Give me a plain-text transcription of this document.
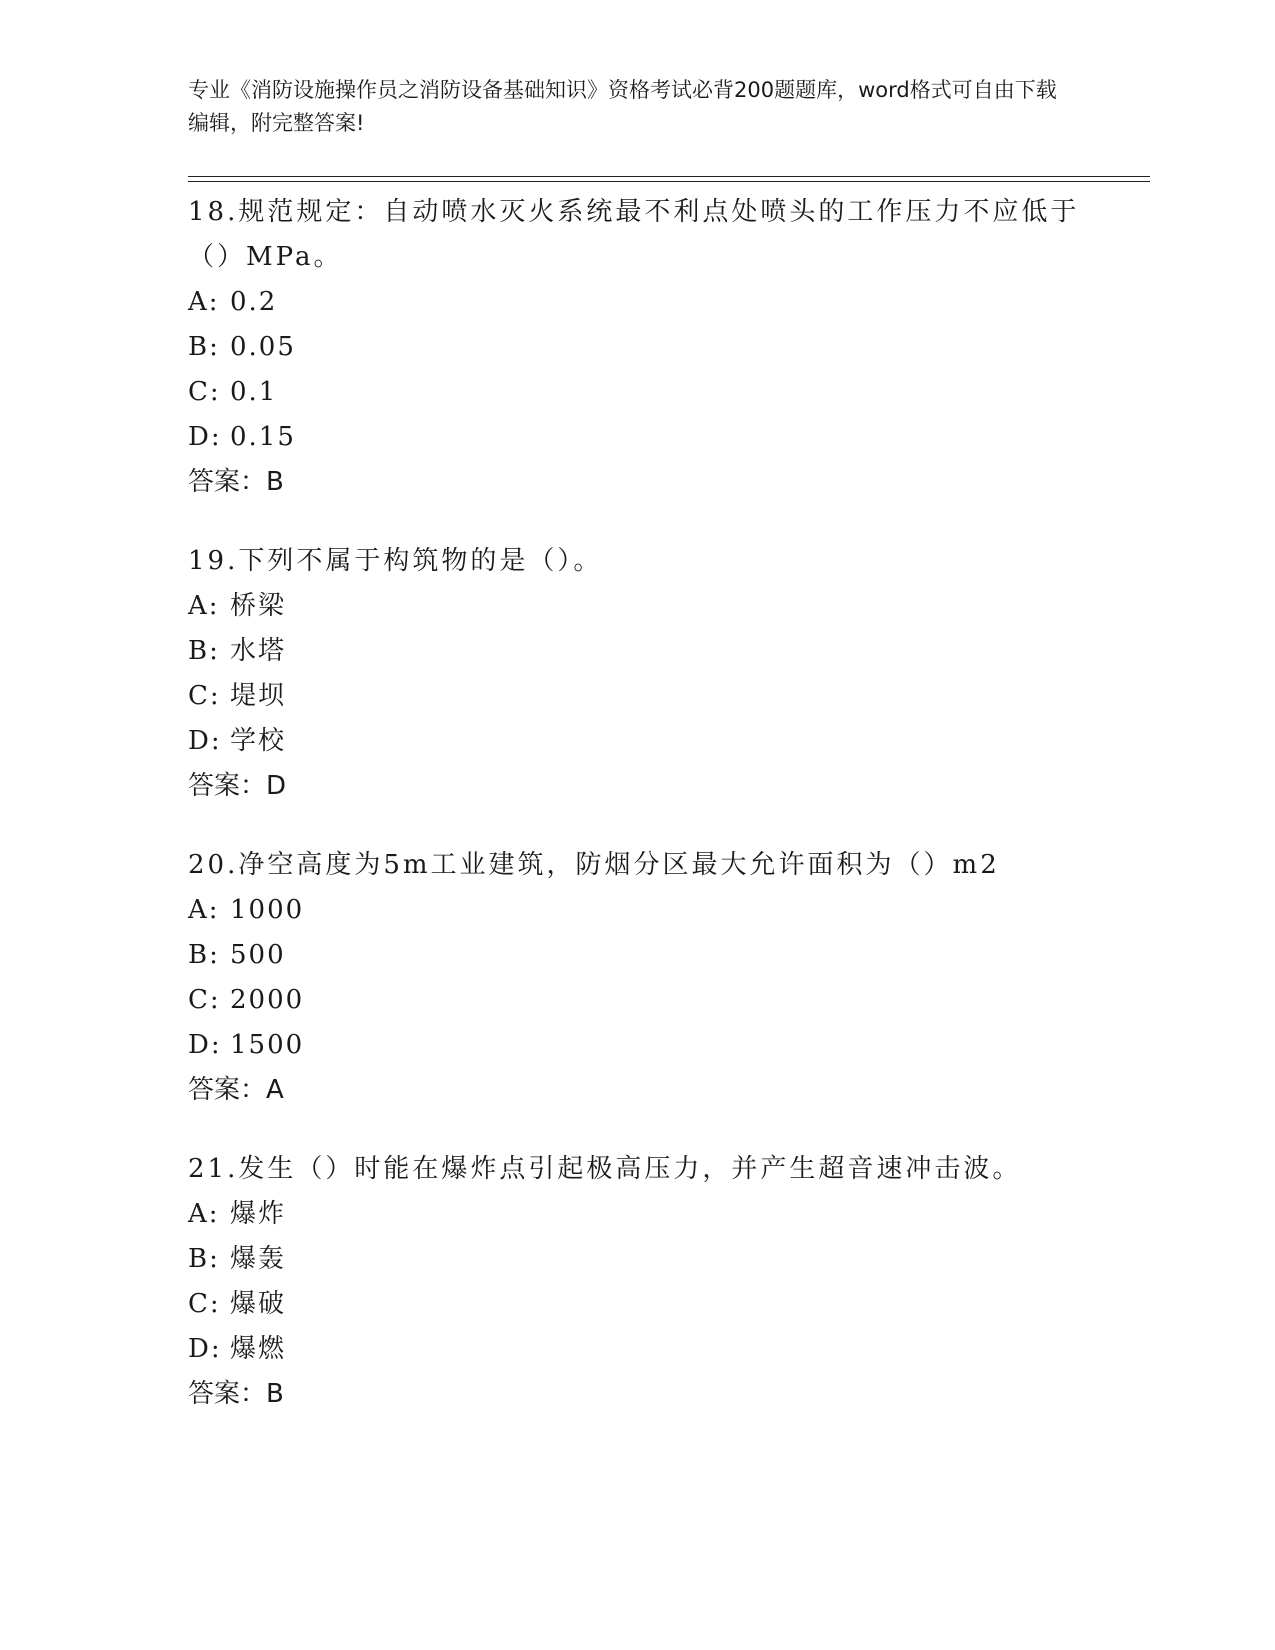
专业《消防设施操作员之消防设备基础知识》资格考试必背200题题库，word格式可自由下载编辑，附完整答案!
18.规范规定：自动喷水灭火系统最不利点处喷头的工作压力不应低于（）MPa。
A: 0.2
B: 0.05
C: 0.1
D: 0.15
答案：B
19.下列不属于构筑物的是（）。
A: 桥梁
B: 水塔
C: 堤坝
D: 学校
答案：D
20.净空高度为5m工业建筑，防烟分区最大允许面积为（）m2
A: 1000
B: 500
C: 2000
D: 1500
答案：A
21.发生（）时能在爆炸点引起极高压力，并产生超音速冲击波。
A: 爆炸
B: 爆轰
C: 爆破
D: 爆燃
答案：B
